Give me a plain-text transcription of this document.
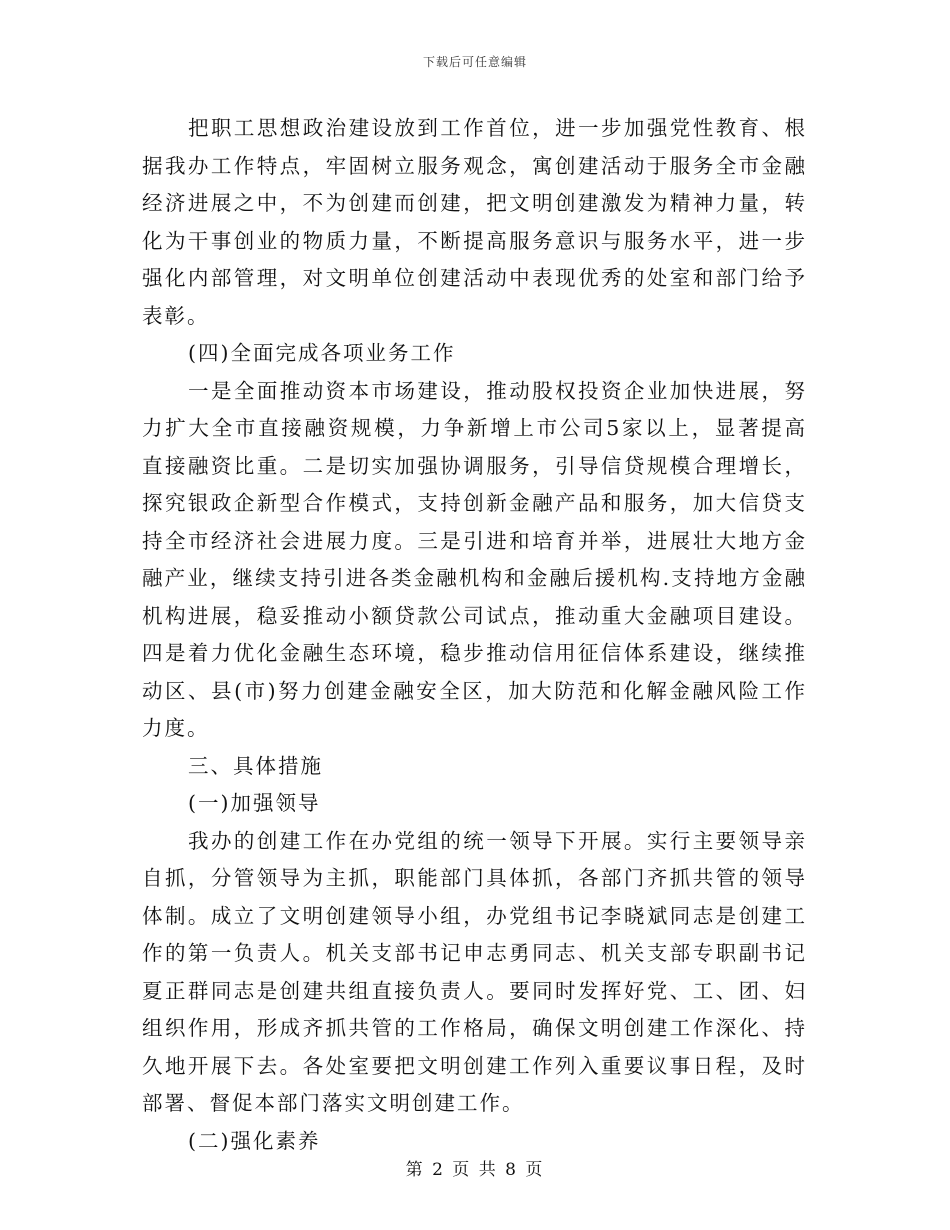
下载后可任意编辑

把职工思想政治建设放到工作首位，进一步加强党性教育、根据我办工作特点，牢固树立服务观念，寓创建活动于服务全市金融经济进展之中，不为创建而创建，把文明创建激发为精神力量，转化为干事创业的物质力量，不断提高服务意识与服务水平，进一步强化内部管理，对文明单位创建活动中表现优秀的处室和部门给予表彰。

(四)全面完成各项业务工作

一是全面推动资本市场建设，推动股权投资企业加快进展，努力扩大全市直接融资规模，力争新增上市公司5家以上，显著提高直接融资比重。二是切实加强协调服务，引导信贷规模合理增长，探究银政企新型合作模式，支持创新金融产品和服务，加大信贷支持全市经济社会进展力度。三是引进和培育并举，进展壮大地方金融产业，继续支持引进各类金融机构和金融后援机构.支持地方金融机构进展，稳妥推动小额贷款公司试点，推动重大金融项目建设。四是着力优化金融生态环境，稳步推动信用征信体系建设，继续推动区、县(市)努力创建金融安全区，加大防范和化解金融风险工作力度。

三、具体措施

(一)加强领导

我办的创建工作在办党组的统一领导下开展。实行主要领导亲自抓，分管领导为主抓，职能部门具体抓，各部门齐抓共管的领导体制。成立了文明创建领导小组，办党组书记李晓斌同志是创建工作的第一负责人。机关支部书记申志勇同志、机关支部专职副书记夏正群同志是创建共组直接负责人。要同时发挥好党、工、团、妇组织作用，形成齐抓共管的工作格局，确保文明创建工作深化、持久地开展下去。各处室要把文明创建工作列入重要议事日程，及时部署、督促本部门落实文明创建工作。

(二)强化素养

第 2 页 共 8 页
